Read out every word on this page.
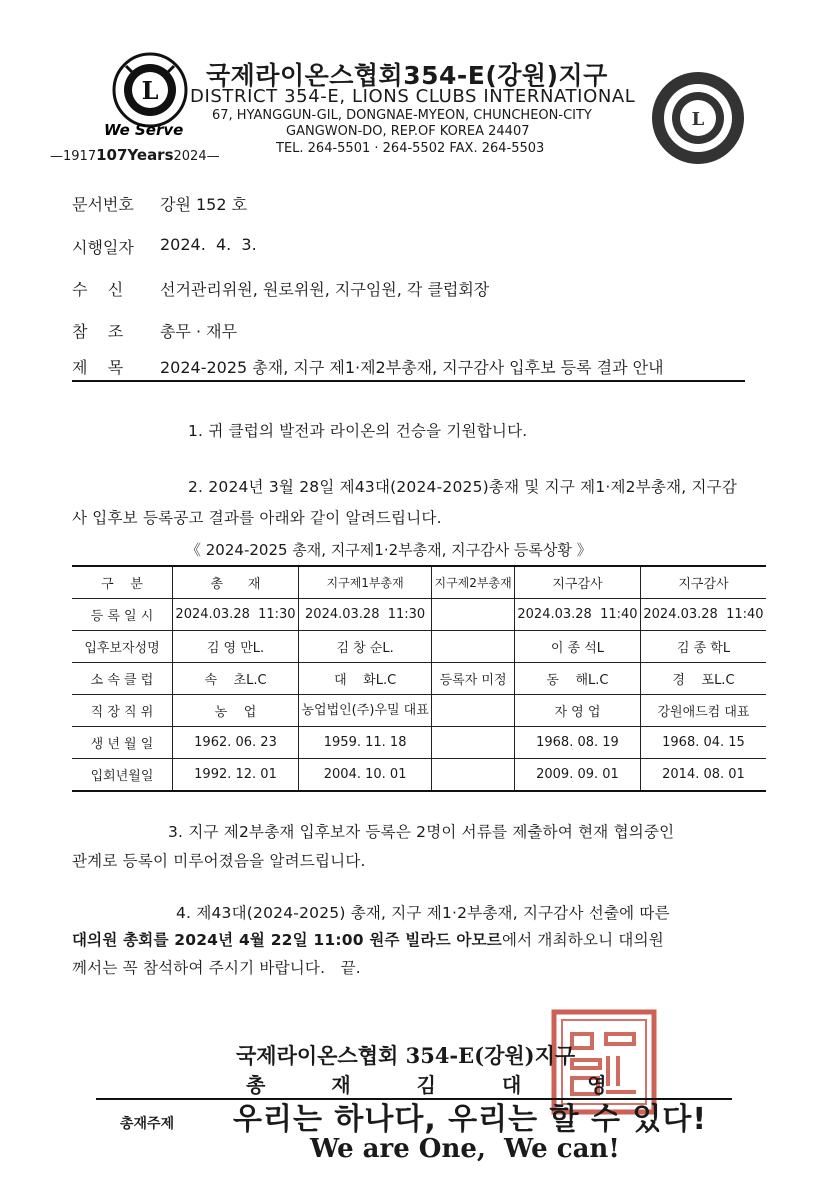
L
We Serve
—1917107Years2024—
국제라이온스협회354-E(강원)지구
DISTRICT 354-E, LIONS CLUBS INTERNATIONAL
67, HYANGGUN-GIL, DONGNAE-MYEON, CHUNCHEON-CITY
GANGWON-DO, REP.OF KOREA 24407
TEL. 264-5501 · 264-5502 FAX. 264-5503
L
문서번호 강원 152 호
시행일자 2024.  4.  3.
수    신 선거관리위원, 원로위원, 지구임원, 각 클럽회장
참    조 총무 · 재무
제    목 2024-2025 총재, 지구 제1·제2부총재, 지구감사 입후보 등록 결과 안내
1. 귀 클럽의 발전과 라이온의 건승을 기원합니다.
2. 2024년 3월 28일 제43대(2024-2025)총재 및 지구 제1·제2부총재, 지구감
사 입후보 등록공고 결과를 아래와 같이 알려드립니다.
《 2024-2025 총재, 지구제1·2부총재, 지구감사 등록상황 》
구    분	총      재	지구제1부총재	지구제2부총재	지구감사	지구감사
등 록 일 시	2024.03.28  11:30	2024.03.28  11:30		2024.03.28  11:40	2024.03.28  11:40
입후보자성명	김 영 만L.	김 창 순L.		이 종 석L	김 종 학L
소 속 클 럽	속    초L.C	대    화L.C	등록자 미정	동    해L.C	경    포L.C
직 장 직 위	농    업	농업법인(주)우밀 대표		자 영 업	강원애드컴 대표
생 년 월 일	1962. 06. 23	1959. 11. 18		1968. 08. 19	1968. 04. 15
입회년월일	1992. 12. 01	2004. 10. 01		2009. 09. 01	2014. 08. 01
3. 지구 제2부총재 입후보자 등록은 2명이 서류를 제출하여 현재 협의중인
관계로 등록이 미루어졌음을 알려드립니다.
4. 제43대(2024-2025) 총재, 지구 제1·2부총재, 지구감사 선출에 따른
대의원 총회를 2024년 4월 22일 11:00 원주 빌라드 아모르에서 개최하오니 대의원
께서는 꼭 참석하여 주시기 바랍니다.   끝.
국제라이온스협회 354-E(강원)지구
총재김대영
총재주제 우리는 하나다, 우리는 할 수 있다!
We are One,  We can!
